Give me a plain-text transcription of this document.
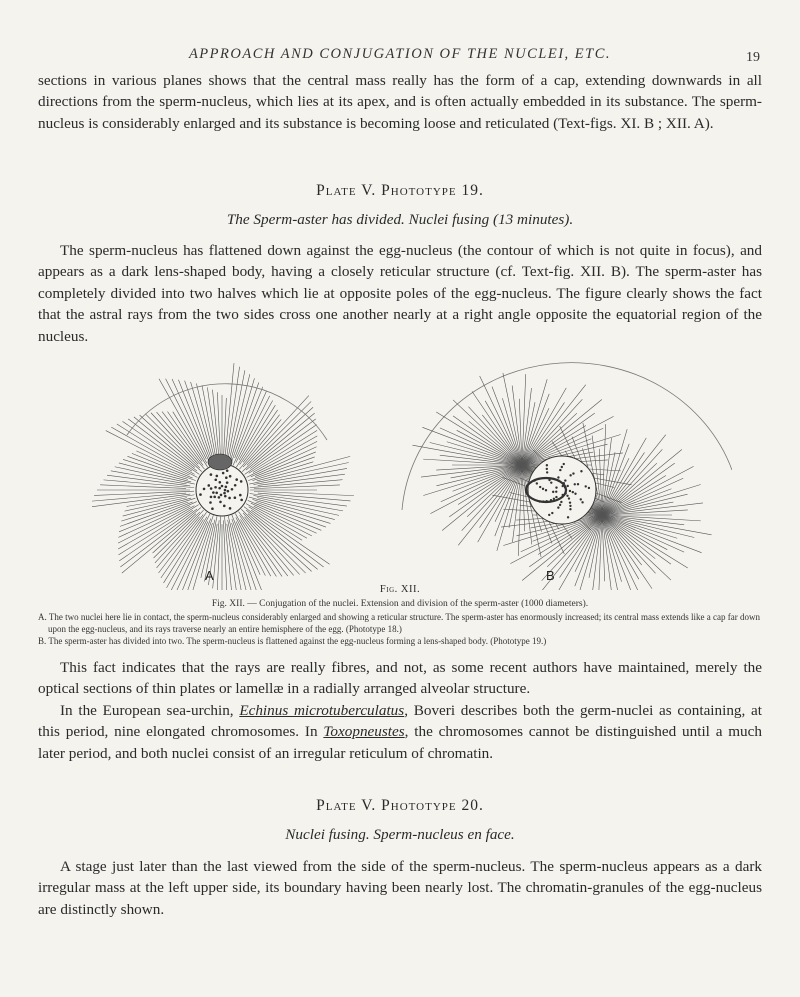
APPROACH AND CONJUGATION OF THE NUCLEI, ETC.	19

sections in various planes shows that the central mass really has the form of a cap, extending downwards in all directions from the sperm-nucleus, which lies at its apex, and is often actually embedded in its substance. The sperm-nucleus is considerably enlarged and its substance is becoming loose and reticulated (Text-figs. XI. B ; XII. A).

Plate V. Phototype 19.

The Sperm-aster has divided. Nuclei fusing (13 minutes).

The sperm-nucleus has flattened down against the egg-nucleus (the contour of which is not quite in focus), and appears as a dark lens-shaped body, having a closely reticular structure (cf. Text-fig. XII. B). The sperm-aster has completely divided into two halves which lie at opposite poles of the egg-nucleus. The figure clearly shows the fact that the astral rays from the two sides cross one another nearly at a right angle opposite the equatorial region of the nucleus.

A	B
Fig. XII.
Fig. XII. — Conjugation of the nuclei. Extension and division of the sperm-aster (1000 diameters).

A. The two nuclei here lie in contact, the sperm-nucleus considerably enlarged and showing a reticular structure. The sperm-aster has enormously increased; its central mass extends like a cap far down upon the egg-nucleus, and its rays traverse nearly an entire hemisphere of the egg. (Phototype 18.)

B. The sperm-aster has divided into two. The sperm-nucleus is flattened against the egg-nucleus forming a lens-shaped body. (Phototype 19.)

This fact indicates that the rays are really fibres, and not, as some recent authors have maintained, merely the optical sections of thin plates or lamellæ in a radially arranged alveolar structure.

In the European sea-urchin, Echinus microtuberculatus, Boveri describes both the germ-nuclei as containing, at this period, nine elongated chromosomes. In Toxopneustes, the chromosomes cannot be distinguished until a much later period, and both nuclei consist of an irregular reticulum of chromatin.

Plate V. Phototype 20.

Nuclei fusing. Sperm-nucleus en face.

A stage just later than the last viewed from the side of the sperm-nucleus. The sperm-nucleus appears as a dark irregular mass at the left upper side, its boundary having been nearly lost. The chromatin-granules of the egg-nucleus are distinctly shown.
